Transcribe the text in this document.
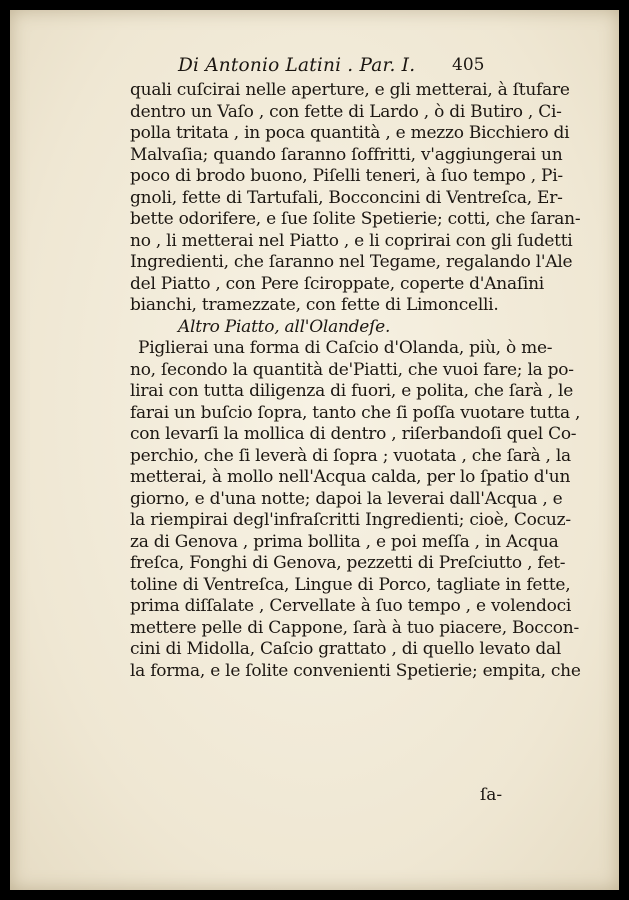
Di Antonio Latini . Par. I. 405
quali cuſcirai nelle aperture, e gli metterai, à ſtufare
dentro un Vaſo , con fette di Lardo , ò di Butiro , Ci-
polla tritata , in poca quantità , e mezzo Bicchiero di
Malvaſia; quando ſaranno ſoffritti, v'aggiungerai un
poco di brodo buono, Piſelli teneri, à ſuo tempo , Pi-
gnoli, fette di Tartufali, Bocconcini di Ventreſca, Er-
bette odorifere, e ſue ſolite Spetierie; cotti, che ſaran-
no , li metterai nel Piatto , e li coprirai con gli ſudetti
Ingredienti, che ſaranno nel Tegame, regalando l'Ale
del Piatto , con Pere ſciroppate, coperte d'Anaſini
bianchi, tramezzate, con fette di Limoncelli.
Altro Piatto, all'Olandeſe.
Piglierai una forma di Caſcio d'Olanda, più, ò me-
no, ſecondo la quantità de'Piatti, che vuoi fare; la po-
lirai con tutta diligenza di fuori, e polita, che ſarà , le
farai un buſcio ſopra, tanto che ſi poſſa vuotare tutta ,
con levarſi la mollica di dentro , riſerbandoſi quel Co-
perchio, che ſi leverà di ſopra ; vuotata , che ſarà , la
metterai, à mollo nell'Acqua calda, per lo ſpatio d'un
giorno, e d'una notte; dapoi la leverai dall'Acqua , e
la riempirai degl'infraſcritti Ingredienti; cioè, Cocuz-
za di Genova , prima bollita , e poi meſſa , in Acqua
freſca, Fonghi di Genova, pezzetti di Preſciutto , fet-
toline di Ventreſca, Lingue di Porco, tagliate in fette,
prima diſſalate , Cervellate à ſuo tempo , e volendoci
mettere pelle di Cappone, ſarà à tuo piacere, Boccon-
cini di Midolla, Caſcio grattato , di quello levato dal
la forma, e le ſolite convenienti Spetierie; empita, che
ſa-
